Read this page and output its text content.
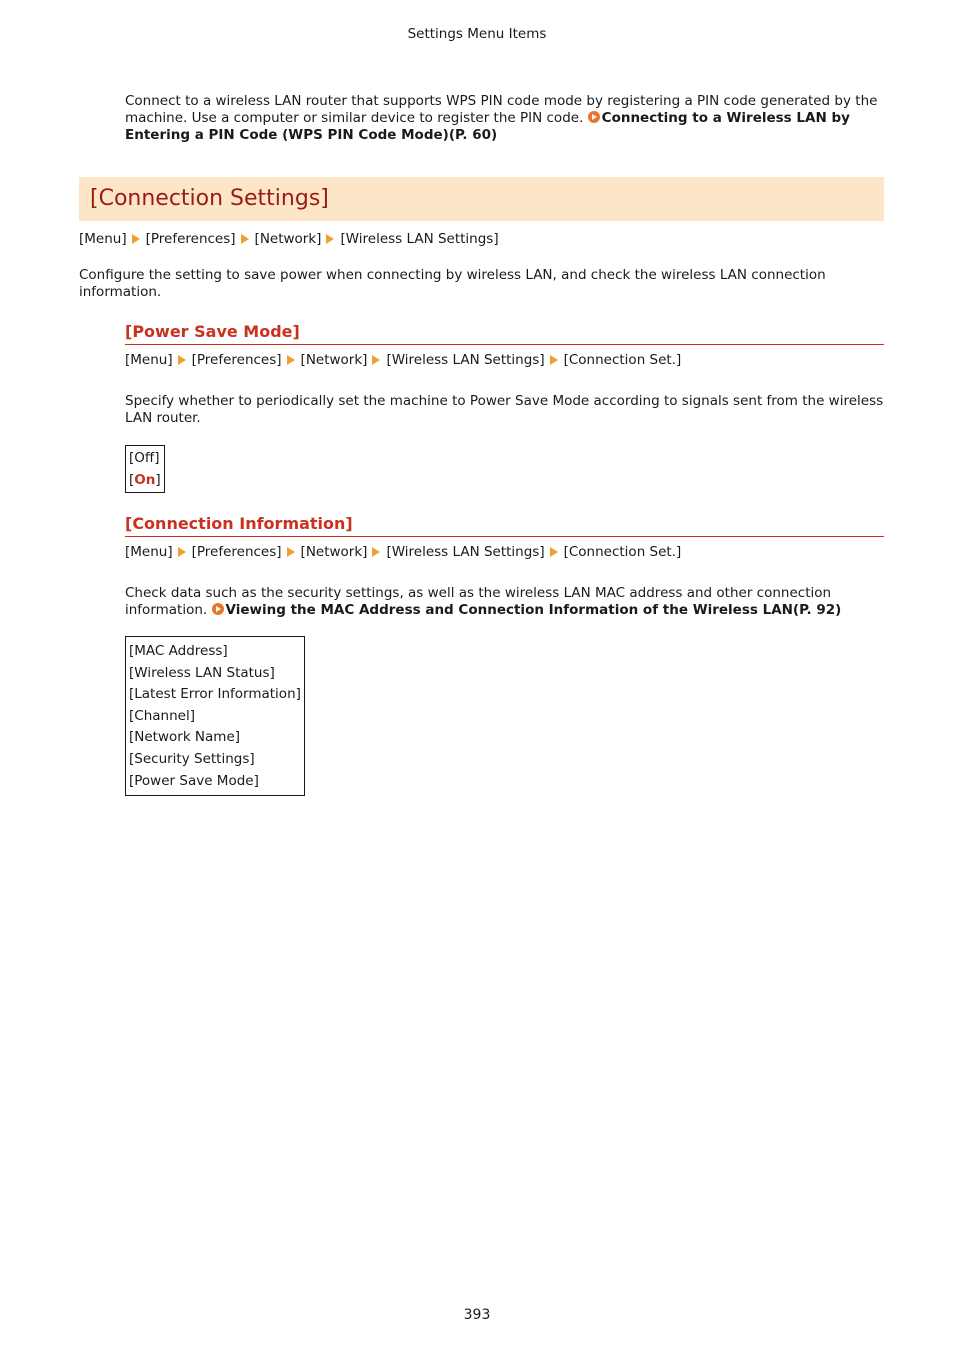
Settings Menu Items
Connect to a wireless LAN router that supports WPS PIN code mode by registering a PIN code generated by the machine. Use a computer or similar device to register the PIN code. Connecting to a Wireless LAN by Entering a PIN Code (WPS PIN Code Mode)(P. 60)
[Connection Settings]
[Menu] [Preferences] [Network] [Wireless LAN Settings]
Configure the setting to save power when connecting by wireless LAN, and check the wireless LAN connection information.
[Power Save Mode]
[Menu] [Preferences] [Network] [Wireless LAN Settings] [Connection Set.]
Specify whether to periodically set the machine to Power Save Mode according to signals sent from the wireless LAN router.
[Off]
[On]
[Connection Information]
[Menu] [Preferences] [Network] [Wireless LAN Settings] [Connection Set.]
Check data such as the security settings, as well as the wireless LAN MAC address and other connection information. Viewing the MAC Address and Connection Information of the Wireless LAN(P. 92)
[MAC Address]
[Wireless LAN Status]
[Latest Error Information]
[Channel]
[Network Name]
[Security Settings]
[Power Save Mode]
393
